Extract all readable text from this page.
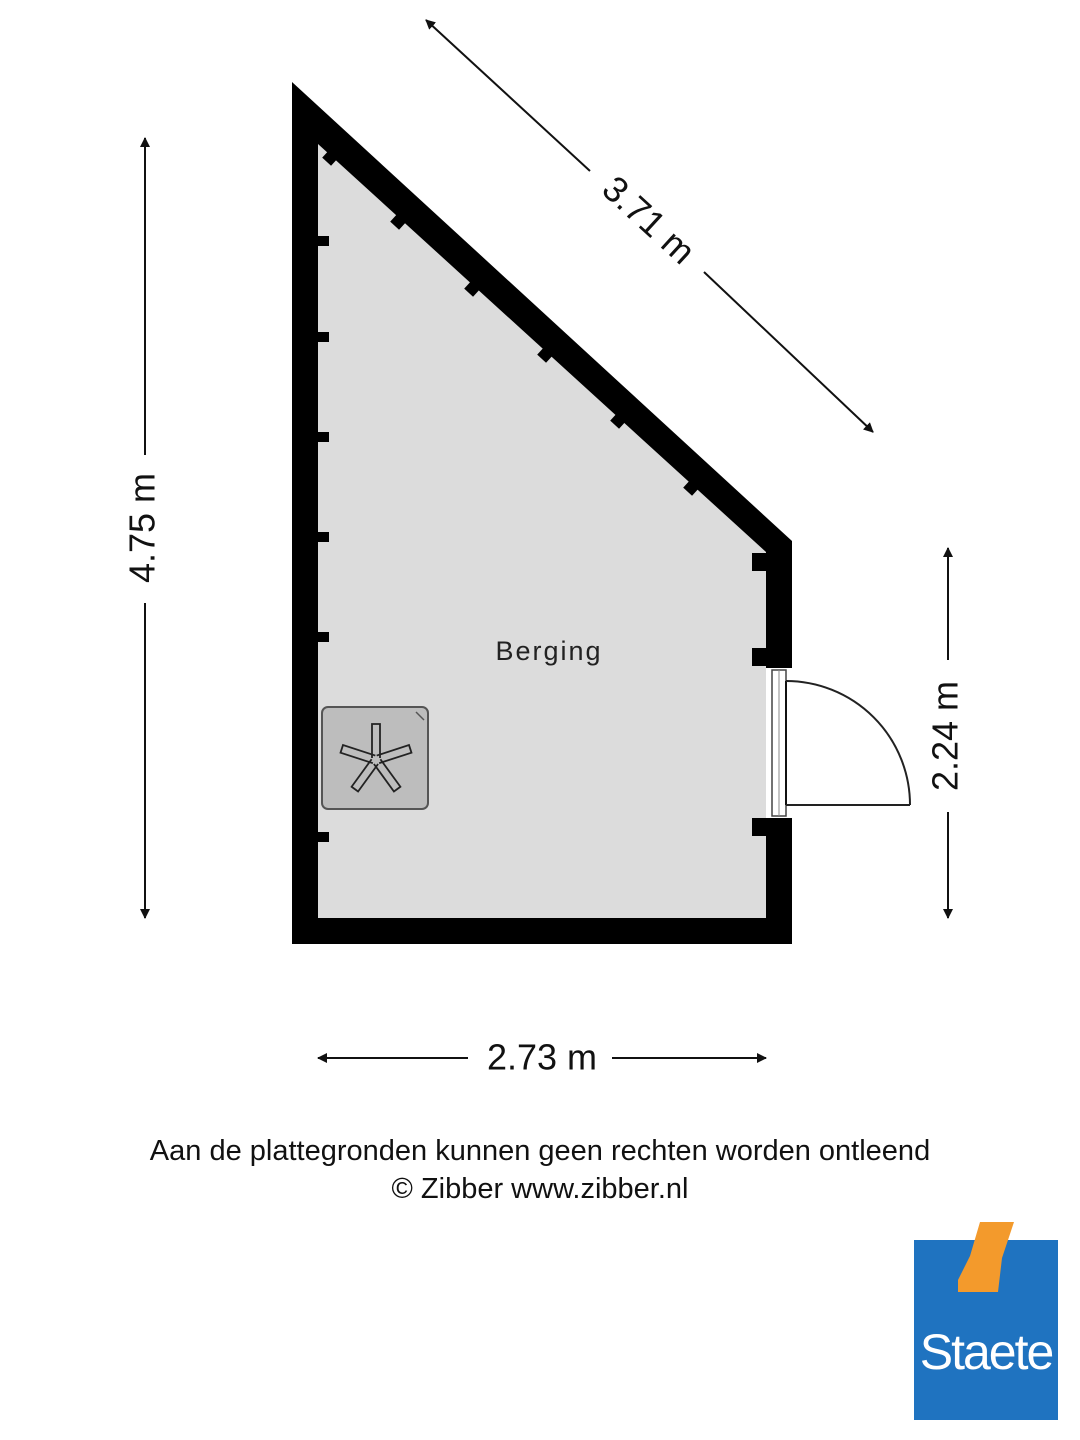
Berging
3.71 m
4.75 m
2.24 m
2.73 m
Aan de plattegronden kunnen geen rechten worden ontleend
© Zibber www.zibber.nl
Staete
